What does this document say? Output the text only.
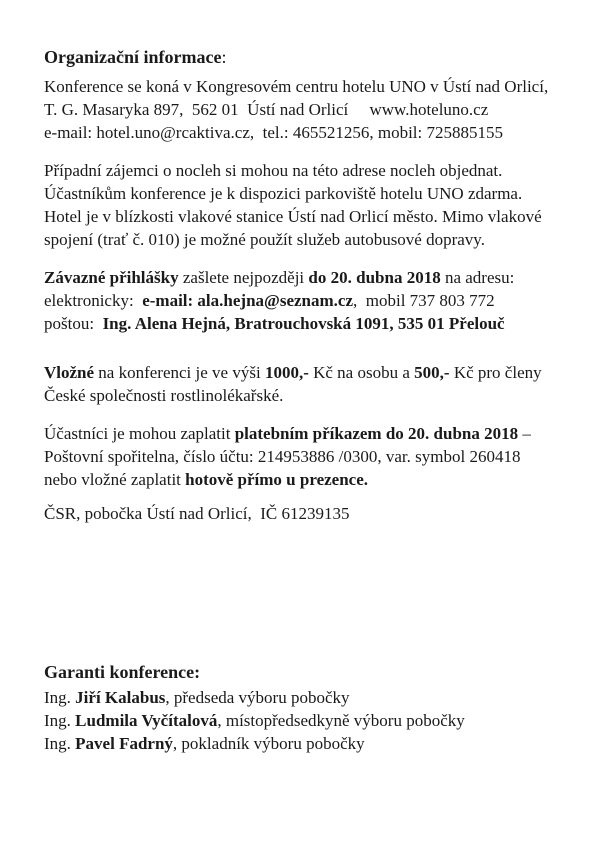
Organizační informace:
Konference se koná v Kongresovém centru hotelu UNO v Ústí nad Orlicí,
T. G. Masaryka 897,  562 01  Ústí nad Orlicí     www.hoteluno.cz
e-mail: hotel.uno@rcaktiva.cz,  tel.: 465521256, mobil: 725885155
Případní zájemci o nocleh si mohou na této adrese nocleh objednat.
Účastníkům konference je k dispozici parkoviště hotelu UNO zdarma.
Hotel je v blízkosti vlakové stanice Ústí nad Orlicí město. Mimo vlakové
spojení (trať č. 010) je možné použít služeb autobusové dopravy.
Závazné přihlášky zašlete nejpozději do 20. dubna 2018 na adresu:
elektronicky:  e-mail: ala.hejna@seznam.cz,  mobil 737 803 772
poštou:  Ing. Alena Hejná, Bratrouchovská 1091, 535 01 Přelouč
Vložné na konferenci je ve výši 1000,- Kč na osobu a 500,- Kč pro členy
České společnosti rostlinolékařské.
Účastníci je mohou zaplatit platebním příkazem do 20. dubna 2018 –
Poštovní spořitelna, číslo účtu: 214953886 /0300, var. symbol 260418
nebo vložné zaplatit hotově přímo u prezence.
ČSR, pobočka Ústí nad Orlicí,  IČ 61239135
Garanti konference:
Ing. Jiří Kalabus, předseda výboru pobočky
Ing. Ludmila Vyčítalová, místopředsedkyně výboru pobočky
Ing. Pavel Fadrný, pokladník výboru pobočky
